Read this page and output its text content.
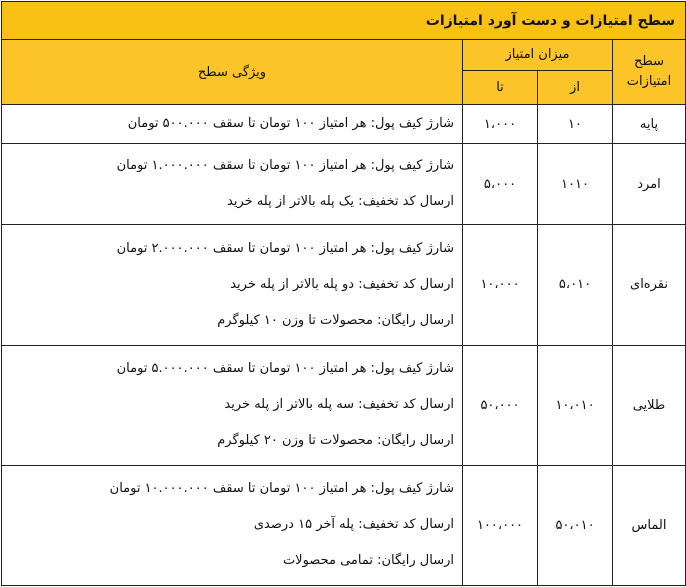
سطح امتیازات و دست آورد امتیازات			
سطح امتیازات	میزان امتیاز		ویژگی سطح
	از	تا	
پایه	۱۰	۱،۰۰۰	شارژ کیف پول: هر امتیاز ۱۰۰ تومان تا سقف ۵۰۰.۰۰۰ تومان

امرد	۱۰۱۰	۵،۰۰۰	شارژ کیف پول: هر امتیاز ۱۰۰ تومان تا سقف ۱.۰۰۰.۰۰۰ تومان
ارسال کد تخفیف: یک پله بالاتر از پله خرید

نقره‌ای	۵،۰۱۰	۱۰،۰۰۰	شارژ کیف پول: هر امتیاز ۱۰۰ تومان تا سقف ۲.۰۰۰.۰۰۰ تومان
ارسال کد تخفیف: دو پله بالاتر از پله خرید
ارسال رایگان: محصولات تا وزن ۱۰ کیلوگرم

طلایی	۱۰،۰۱۰	۵۰،۰۰۰	شارژ کیف پول: هر امتیاز ۱۰۰ تومان تا سقف ۵.۰۰۰.۰۰۰ تومان
ارسال کد تخفیف: سه پله بالاتر از پله خرید
ارسال رایگان: محصولات تا وزن ۲۰ کیلوگرم

الماس	۵۰،۰۱۰	۱۰۰،۰۰۰	شارژ کیف پول: هر امتیاز ۱۰۰ تومان تا سقف ۱۰.۰۰۰.۰۰۰ تومان
ارسال کد تخفیف: پله آخر ۱۵ درصدی
ارسال رایگان: تمامی محصولات
